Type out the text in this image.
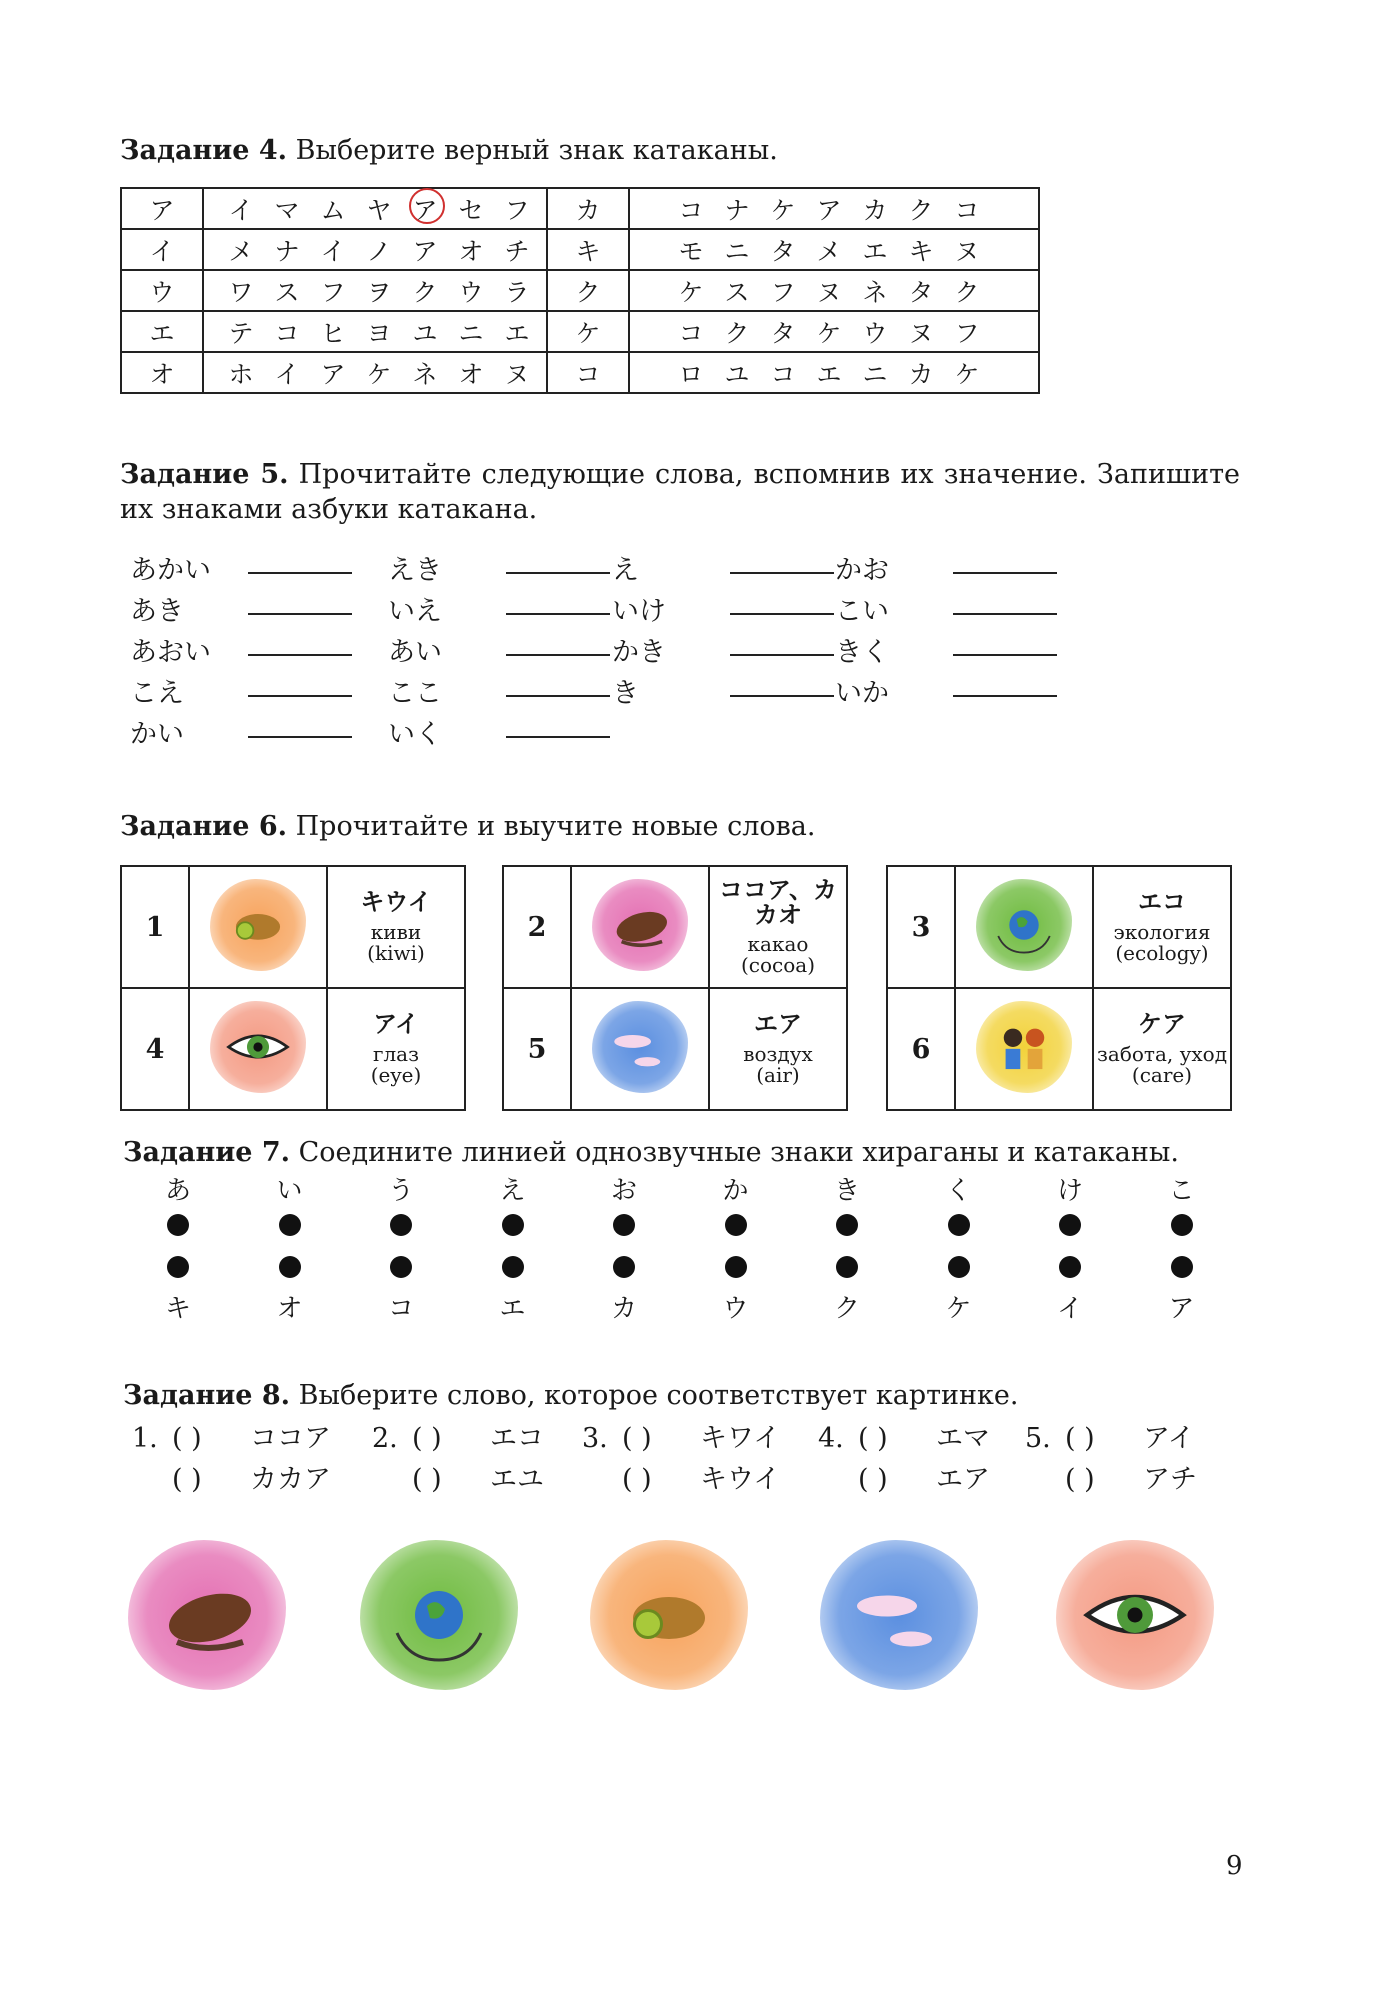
Задание 4. Выберите верный знак катаканы.
ア	イ マ ム ヤ ア セ フ	カ	コ ナ ケ ア カ ク コ
イ	メ ナ イ ノ ア オ チ	キ	モ ニ タ メ エ キ ヌ
ウ	ワ ス フ ヲ ク ウ ラ	ク	ケ ス フ ヌ ネ タ ク
エ	テ コ ヒ ヨ ユ ニ エ	ケ	コ ク タ ケ ウ ヌ フ
オ	ホ イ ア ケ ネ オ ヌ	コ	ロ ユ コ エ ニ カ ケ
Задание 5. Прочитайте следующие слова, вспомнив их значение. Запишите их знаками азбуки катакана.
あかい	えき	え	かお
あき	いえ	いけ	こい
あおい	あい	かき	きく
こえ	ここ	き	いか
かい	いく
Задание 6. Прочитайте и выучите новые слова.
1		キウイ
киви
(kiwi)

4		アイ
глаз
(eye)
2		ココア、カカオ
какао
(cocoa)

5		エア
воздух
(air)
3		エコ
экология
(ecology)

6		ケア
забота, уход
(care)
Задание 7. Соедините линией однозвучные знаки хираганы и катаканы.
あ
キ
い
オ
う
コ
え
エ
お
カ
か
ウ
き
ク
く
ケ
け
イ
こ
ア
Задание 8. Выберите слово, которое соответствует картинке.
1. ( ) ココア
( ) カカア
2. ( ) エコ
( ) エユ
3. ( ) キワイ
( ) キウイ
4. ( ) エマ
( ) エア
5. ( ) アイ
( ) アチ
9
